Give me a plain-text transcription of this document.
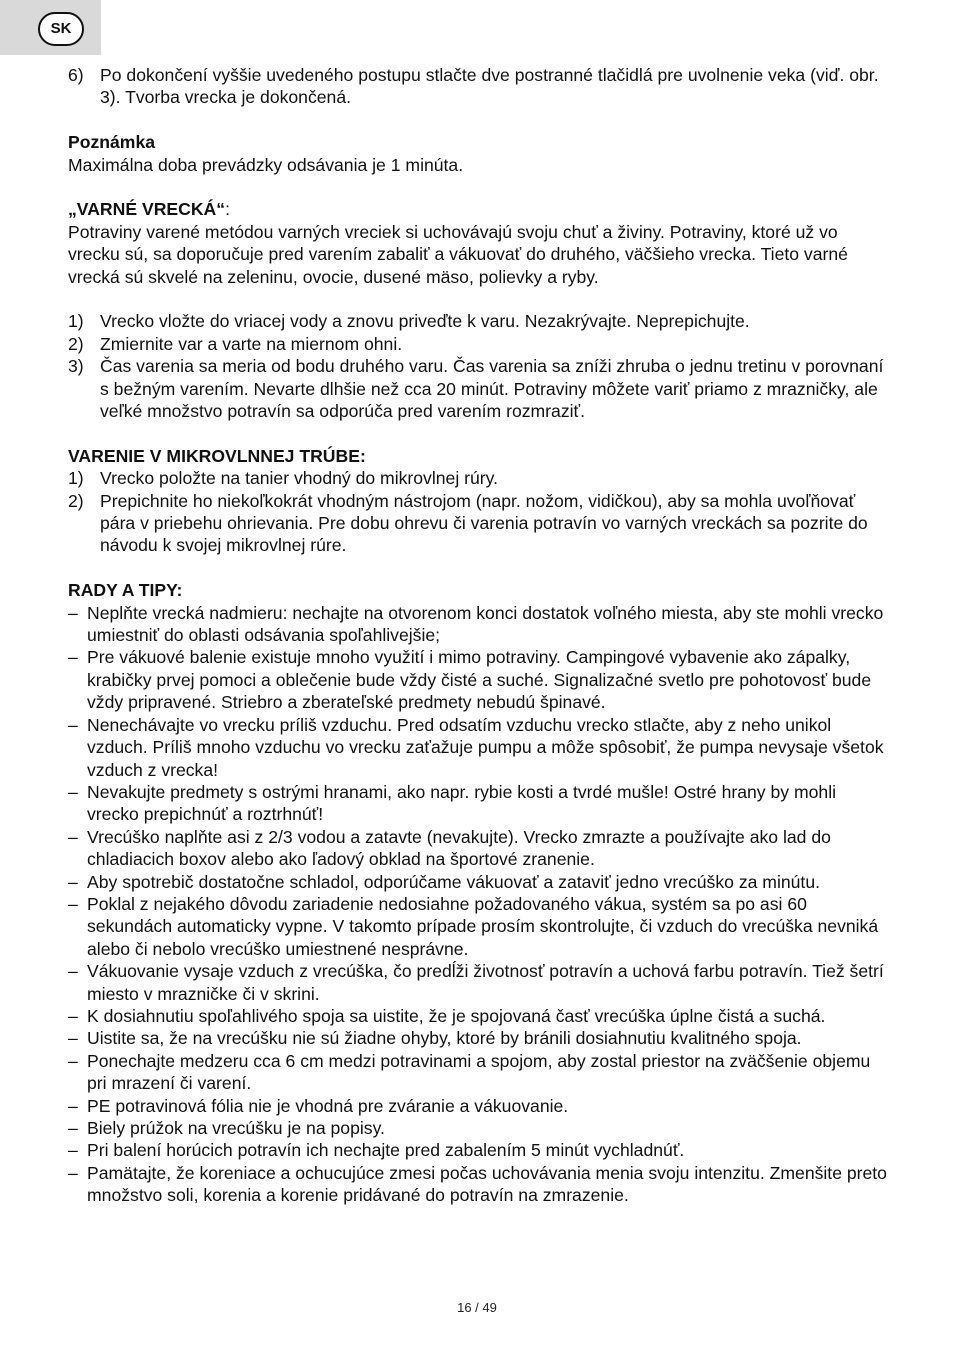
SK
6) Po dokončení vyššie uvedeného postupu stlačte dve postranné tlačidlá pre uvolnenie veka (viď. obr. 3). Tvorba vrecka je dokončená.

Poznámka

Maximálna doba prevádzky odsávania je 1 minúta.

„VARNÉ VRECKÁ“:

Potraviny varené metódou varných vreciek si uchovávajú svoju chuť a živiny. Potraviny, ktoré už vo vrecku sú, sa doporučuje pred varením zabaliť a vákuovať do druhého, väčšieho vrecka. Tieto varné vrecká sú skvelé na zeleninu, ovocie, dusené mäso, polievky a ryby.

1) Vrecko vložte do vriacej vody a znovu priveďte k varu. Nezakrývajte. Neprepichujte.
2) Zmiernite var a varte na miernom ohni.
3) Čas varenia sa meria od bodu druhého varu. Čas varenia sa zníži zhruba o jednu tretinu v porovnaní s bežným varením. Nevarte dlhšie než cca 20 minút. Potraviny môžete variť priamo z mrazničky, ale veľké množstvo potravín sa odporúča pred varením rozmraziť.

VARENIE V MIKROVLNNEJ TRÚBE:

1) Vrecko položte na tanier vhodný do mikrovlnej rúry.
2) Prepichnite ho niekoľkokrát vhodným nástrojom (napr. nožom, vidičkou), aby sa mohla uvoľňovať pára v priebehu ohrievania. Pre dobu ohrevu či varenia potravín vo varných vreckách sa pozrite do návodu k svojej mikrovlnej rúre.

RADY A TIPY:

– Neplňte vrecká nadmieru: nechajte na otvorenom konci dostatok voľného miesta, aby ste mohli vrecko umiestniť do oblasti odsávania spoľahlivejšie;
– Pre vákuové balenie existuje mnoho využití i mimo potraviny. Campingové vybavenie ako zápalky, krabičky prvej pomoci a oblečenie bude vždy čisté a suché. Signalizačné svetlo pre pohotovosť bude vždy pripravené. Striebro a zberateľské predmety nebudú špinavé.
– Nenechávajte vo vrecku príliš vzduchu. Pred odsatím vzduchu vrecko stlačte, aby z neho unikol vzduch. Príliš mnoho vzduchu vo vrecku zaťažuje pumpu a môže spôsobiť, že pumpa nevysaje všetok vzduch z vrecka!
– Nevakujte predmety s ostrými hranami, ako napr. rybie kosti a tvrdé mušle! Ostré hrany by mohli vrecko prepichnúť a roztrhnúť!
– Vrecúško naplňte asi z 2/3 vodou a zatavte (nevakujte). Vrecko zmrazte a používajte ako lad do chladiacich boxov alebo ako ľadový obklad na športové zranenie.
– Aby spotrebič dostatočne schladol, odporúčame vákuovať a zataviť jedno vrecúško za minútu.
– Poklal z nejakého dôvodu zariadenie nedosiahne požadovaného vákua, systém sa po asi 60 sekundách automaticky vypne. V takomto prípade prosím skontrolujte, či vzduch do vrecúška nevniká alebo či nebolo vrecúško umiestnené nesprávne.
– Vákuovanie vysaje vzduch z vrecúška, čo predĺži životnosť potravín a uchová farbu potravín. Tiež šetrí miesto v mrazničke či v skrini.
– K dosiahnutiu spoľahlivého spoja sa uistite, že je spojovaná časť vrecúška úplne čistá a suchá.
– Uistite sa, že na vrecúšku nie sú žiadne ohyby, ktoré by bránili dosiahnutiu kvalitného spoja.
– Ponechajte medzeru cca 6 cm medzi potravinami a spojom, aby zostal priestor na zväčšenie objemu pri mrazení či varení.
– PE potravinová fólia nie je vhodná pre zváranie a vákuovanie.
– Biely prúžok na vrecúšku je na popisy.
– Pri balení horúcich potravín ich nechajte pred zabalením 5 minút vychladnúť.
– Pamätajte, že koreniace a ochucujúce zmesi počas uchovávania menia svoju intenzitu. Zmenšite preto množstvo soli, korenia a korenie pridávané do potravín na zmrazenie.
16 / 49
